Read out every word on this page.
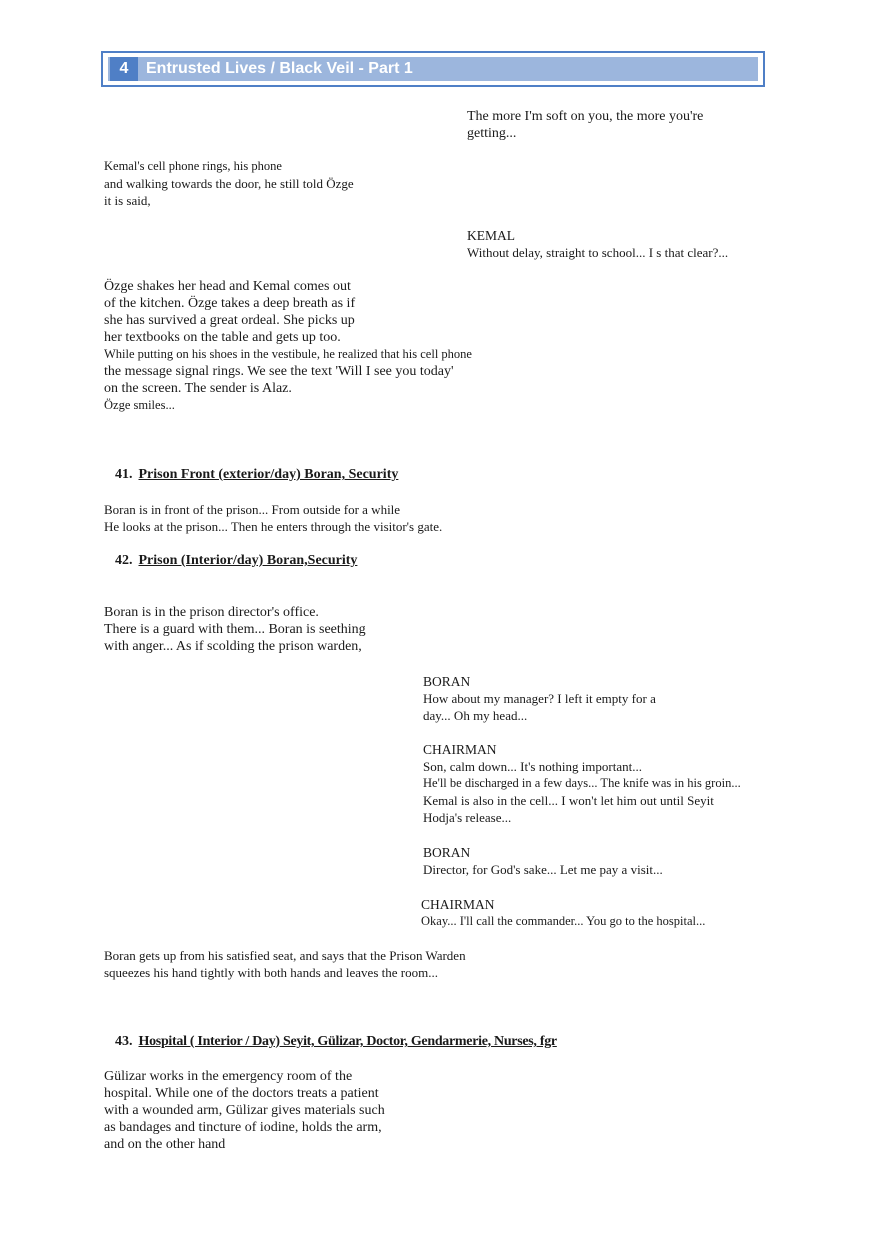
4	Entrusted Lives / Black Veil - Part 1
The more I'm soft on you, the more you're
getting...
Kemal's cell phone rings, his phone
and walking towards the door, he still told Özge
it is said,
KEMAL
Without delay, straight to school... I s that clear?...
Özge shakes her head and Kemal comes out
of the kitchen. Özge takes a deep breath as if
she has survived a great ordeal. She picks up
her textbooks on the table and gets up too.
While putting on his shoes in the vestibule, he realized that his cell phone
the message signal rings. We see the text 'Will I see you today'
on the screen. The sender is Alaz.
Özge smiles...
41. Prison Front (exterior/day) Boran, Security
Boran is in front of the prison... From outside for a while
He looks at the prison... Then he enters through the visitor's gate.
42. Prison (Interior/day) Boran,Security
Boran is in the prison director's office.
There is a guard with them... Boran is seething
with anger... As if scolding the prison warden,
BORAN
How about my manager? I left it empty for a
day... Oh my head...
CHAIRMAN
Son, calm down... It's nothing important...
He'll be discharged in a few days... The knife was in his groin...
Kemal is also in the cell... I won't let him out until Seyit
Hodja's release...
BORAN
Director, for God's sake... Let me pay a visit...
CHAIRMAN
Okay... I'll call the commander... You go to the hospital...
Boran gets up from his satisfied seat, and says that the Prison Warden
squeezes his hand tightly with both hands and leaves the room...
43. Hospital ( Interior / Day) Seyit, Gülizar, Doctor, Gendarmerie, Nurses, fgr
Gülizar works in the emergency room of the
hospital. While one of the doctors treats a patient
with a wounded arm, Gülizar gives materials such
as bandages and tincture of iodine, holds the arm,
and on the other hand
